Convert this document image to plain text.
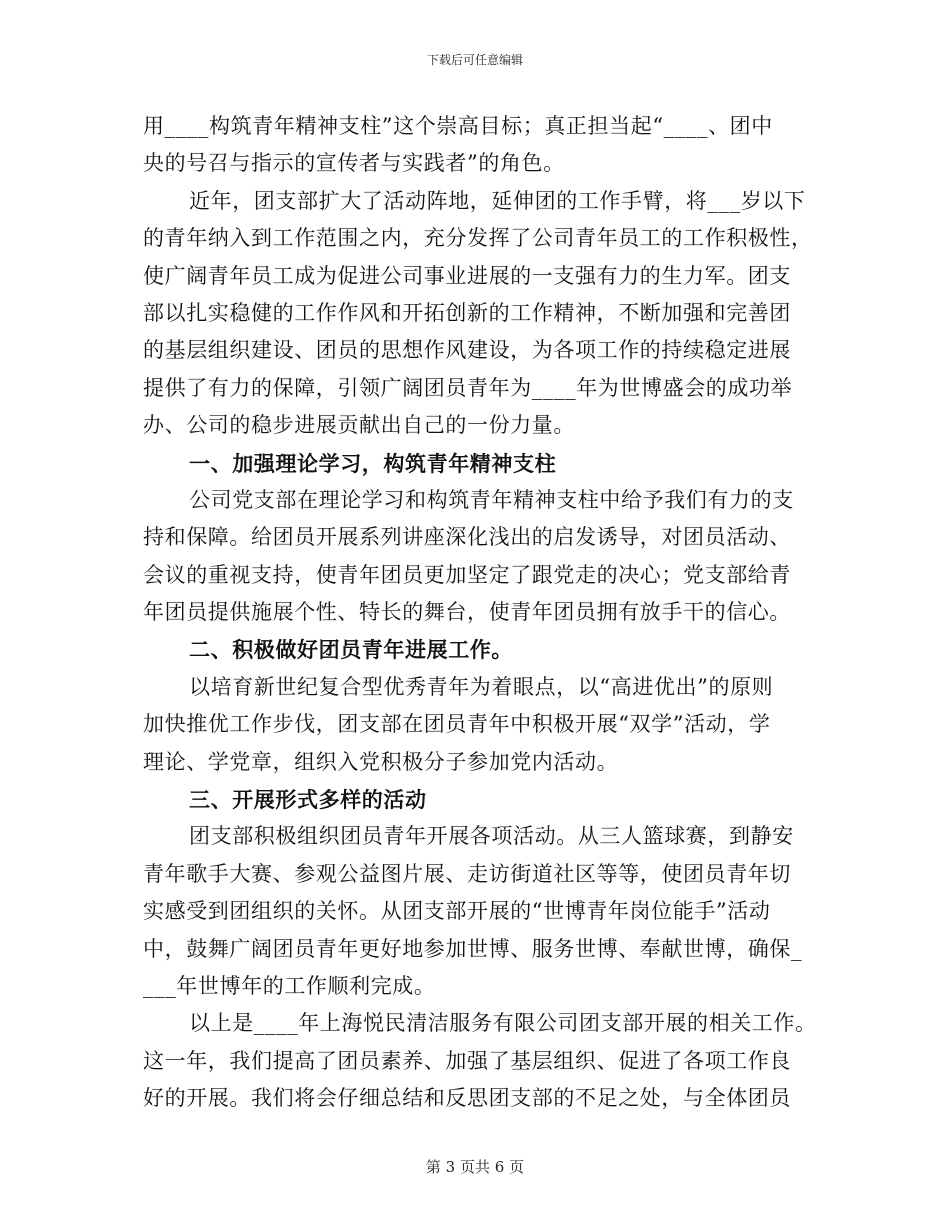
下载后可任意编辑
用____构筑青年精神支柱”这个崇高目标；真正担当起“____、团中
央的号召与指示的宣传者与实践者”的角色。
近年，团支部扩大了活动阵地，延伸团的工作手臂，将___岁以下
的青年纳入到工作范围之内，充分发挥了公司青年员工的工作积极性，
使广阔青年员工成为促进公司事业进展的一支强有力的生力军。团支
部以扎实稳健的工作作风和开拓创新的工作精神，不断加强和完善团
的基层组织建设、团员的思想作风建设，为各项工作的持续稳定进展
提供了有力的保障，引领广阔团员青年为____年为世博盛会的成功举
办、公司的稳步进展贡献出自己的一份力量。
一、加强理论学习，构筑青年精神支柱
公司党支部在理论学习和构筑青年精神支柱中给予我们有力的支
持和保障。给团员开展系列讲座深化浅出的启发诱导，对团员活动、
会议的重视支持，使青年团员更加坚定了跟党走的决心；党支部给青
年团员提供施展个性、特长的舞台，使青年团员拥有放手干的信心。
二、积极做好团员青年进展工作。
以培育新世纪复合型优秀青年为着眼点，以“高进优出”的原则
加快推优工作步伐，团支部在团员青年中积极开展“双学”活动，学
理论、学党章，组织入党积极分子参加党内活动。
三、开展形式多样的活动
团支部积极组织团员青年开展各项活动。从三人篮球赛，到静安
青年歌手大赛、参观公益图片展、走访街道社区等等，使团员青年切
实感受到团组织的关怀。从团支部开展的“世博青年岗位能手”活动
中，鼓舞广阔团员青年更好地参加世博、服务世博、奉献世博，确保_
___年世博年的工作顺利完成。
以上是____年上海悦民清洁服务有限公司团支部开展的相关工作。
这一年，我们提高了团员素养、加强了基层组织、促进了各项工作良
好的开展。我们将会仔细总结和反思团支部的不足之处，与全体团员
第 3 页共 6 页
